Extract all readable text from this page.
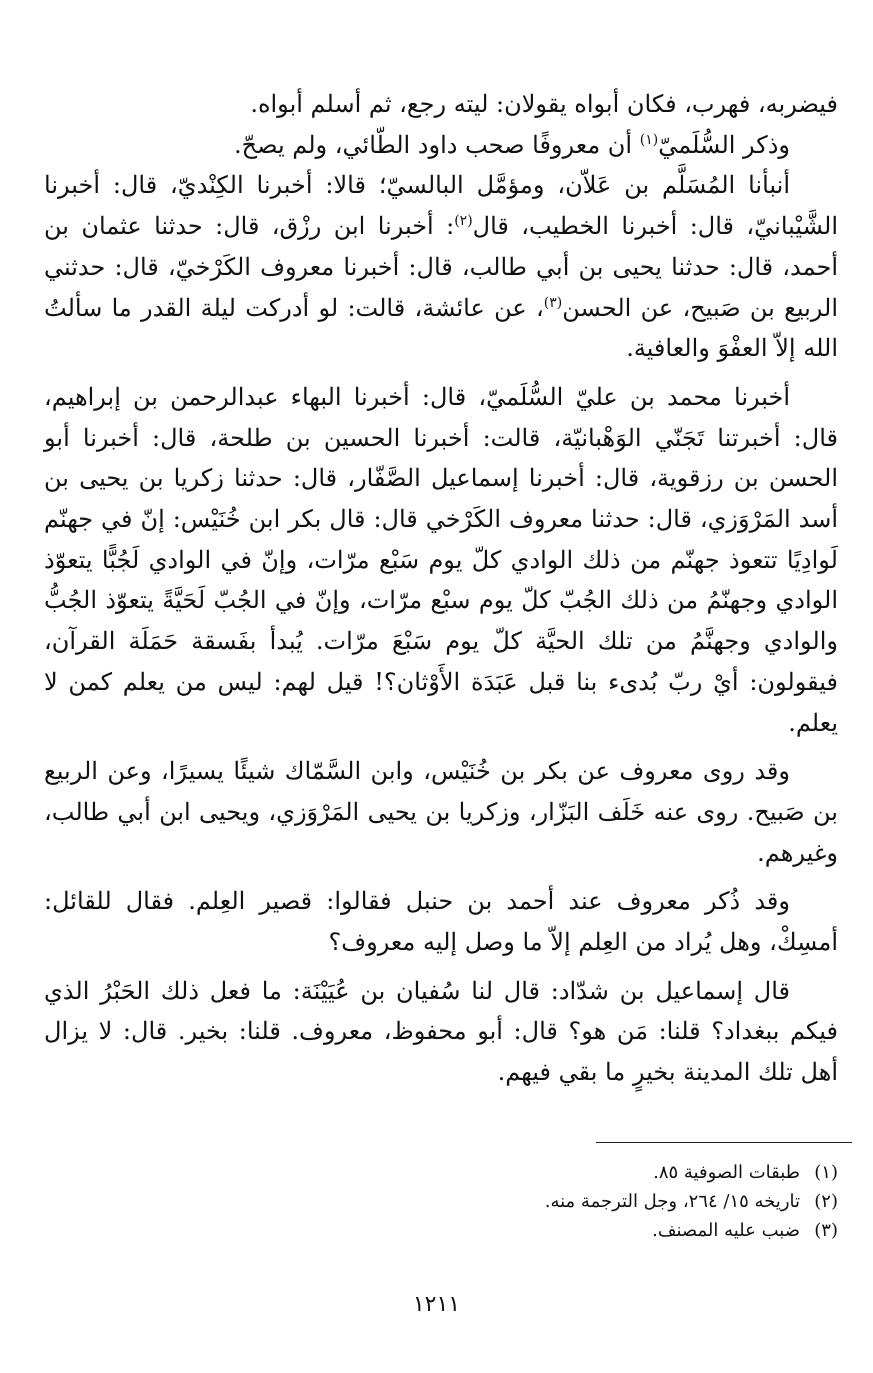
فيضربه، فهرب، فكان أبواه يقولان: ليته رجع، ثم أسلم أبواه.

وذكر السُّلَميّ$^{(١)}$ أن معروفًا صحب داود الطّائي، ولم يصحّ.

أنبأنا المُسَلَّم بن عَلاّن، ومؤمَّل البالسيّ؛ قالا: أخبرنا الكِنْديّ، قال: أخبرنا الشَّيْبانيّ، قال: أخبرنا الخطيب، قال$^{(٢)}$: أخبرنا ابن رزْق، قال: حدثنا عثمان بن أحمد، قال: حدثنا يحيى بن أبي طالب، قال: أخبرنا معروف الكَرْخيّ، قال: حدثني الربيع بن صَبيح، عن الحسن$^{(٣)}$، عن عائشة، قالت: لو أدركت ليلة القدر ما سألتُ الله إلاّ العفْوَ والعافية.

أخبرنا محمد بن عليّ السُّلَميّ، قال: أخبرنا البهاء عبدالرحمن بن إبراهيم، قال: أخبرتنا تَجَنّي الوَهْبانيّة، قالت: أخبرنا الحسين بن طلحة، قال: أخبرنا أبو الحسن بن رزقوية، قال: أخبرنا إسماعيل الصَّفّار، قال: حدثنا زكريا بن يحيى بن أسد المَرْوَزي، قال: حدثنا معروف الكَرْخي قال: قال بكر ابن خُنَيْس: إنّ في جهنّم لَوادِيًا تتعوذ جهنّم من ذلك الوادي كلّ يوم سَبْع مرّات، وإنّ في الوادي لَجُبًّا يتعوّذ الوادي وجهنّمُ من ذلك الجُبّ كلّ يوم سبْع مرّات، وإنّ في الجُبّ لَحَيَّةً يتعوّذ الجُبُّ والوادي وجهنَّمُ من تلك الحيَّة كلّ يوم سَبْعَ مرّات. يُبدأ بفَسقة حَمَلَة القرآن، فيقولون: أيْ ربّ بُدىء بنا قبل عَبَدَة الأَوْثان؟! قيل لهم: ليس من يعلم كمن لا يعلم.

وقد روى معروف عن بكر بن خُنَيْس، وابن السَّمّاك شيئًا يسيرًا، وعن الربيع بن صَبيح. روى عنه خَلَف البَزّار، وزكريا بن يحيى المَرْوَزي، ويحيى ابن أبي طالب، وغيرهم.

وقد ذُكر معروف عند أحمد بن حنبل فقالوا: قصير العِلم. فقال للقائل: أمسِكْ، وهل يُراد من العِلم إلاّ ما وصل إليه معروف؟

قال إسماعيل بن شدّاد: قال لنا سُفيان بن عُيَيْنَة: ما فعل ذلك الحَبْرُ الذي فيكم ببغداد؟ قلنا: مَن هو؟ قال: أبو محفوظ، معروف. قلنا: بخير. قال: لا يزال أهل تلك المدينة بخيرٍ ما بقي فيهم.

(١)طبقات الصوفية ٨٥.
(٢)تاريخه ١٥/ ٢٦٤، وجل الترجمة منه.
(٣)ضبب عليه المصنف.
١٢١١
